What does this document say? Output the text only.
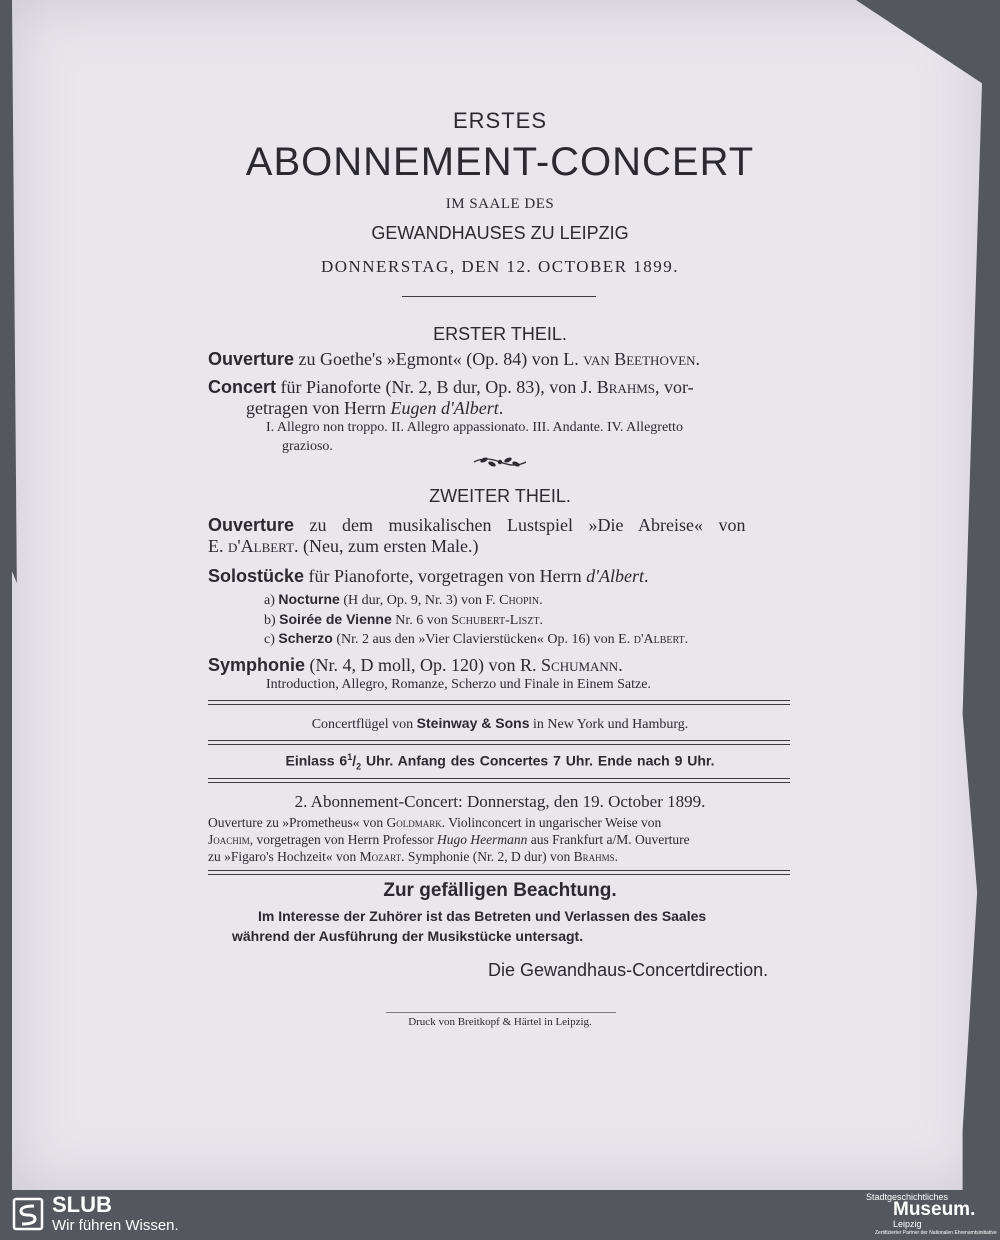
ERSTES
ABONNEMENT-CONCERT
IM SAALE DES
GEWANDHAUSES ZU LEIPZIG
DONNERSTAG, DEN 12. OCTOBER 1899.
ERSTER THEIL.
Ouverture zu Goethe's »Egmont« (Op. 84) von L. van Beethoven.
Concert für Pianoforte (Nr. 2, B dur, Op. 83), von J. Brahms, vor-
getragen von Herrn Eugen d'Albert.
I. Allegro non troppo. II. Allegro appassionato. III. Andante. IV. Allegretto
grazioso.
ZWEITER THEIL.
Ouverture zu dem musikalischen Lustspiel »Die Abreise« von
E. d'Albert. (Neu, zum ersten Male.)
Solostücke für Pianoforte, vorgetragen von Herrn d'Albert.
a) Nocturne (H dur, Op. 9, Nr. 3) von F. Chopin.
b) Soirée de Vienne Nr. 6 von Schubert-Liszt.
c) Scherzo (Nr. 2 aus den »Vier Clavierstücken« Op. 16) von E. d'Albert.
Symphonie (Nr. 4, D moll, Op. 120) von R. Schumann.
Introduction, Allegro, Romanze, Scherzo und Finale in Einem Satze.
Concertflügel von Steinway & Sons in New York und Hamburg.
Einlass $6^1/_2$ Uhr. Anfang des Concertes 7 Uhr. Ende nach 9 Uhr.
2. Abonnement-Concert: Donnerstag, den 19. October 1899.
Ouverture zu »Prometheus« von Goldmark. Violinconcert in ungarischer Weise von
Joachim, vorgetragen von Herrn Professor Hugo Heermann aus Frankfurt a/M. Ouverture
zu »Figaro's Hochzeit« von Mozart. Symphonie (Nr. 2, D dur) von Brahms.
Zur gefälligen Beachtung.
Im Interesse der Zuhörer ist das Betreten und Verlassen des Saales
während der Ausführung der Musikstücke untersagt.
Die Gewandhaus-Concertdirection.
Druck von Breitkopf & Härtel in Leipzig.
SLUB
Wir führen Wissen.
Stadtgeschichtliches
Museum.
Leipzig
Zertifizierter Partner der Nationalen Ehrenamtsinitiative
